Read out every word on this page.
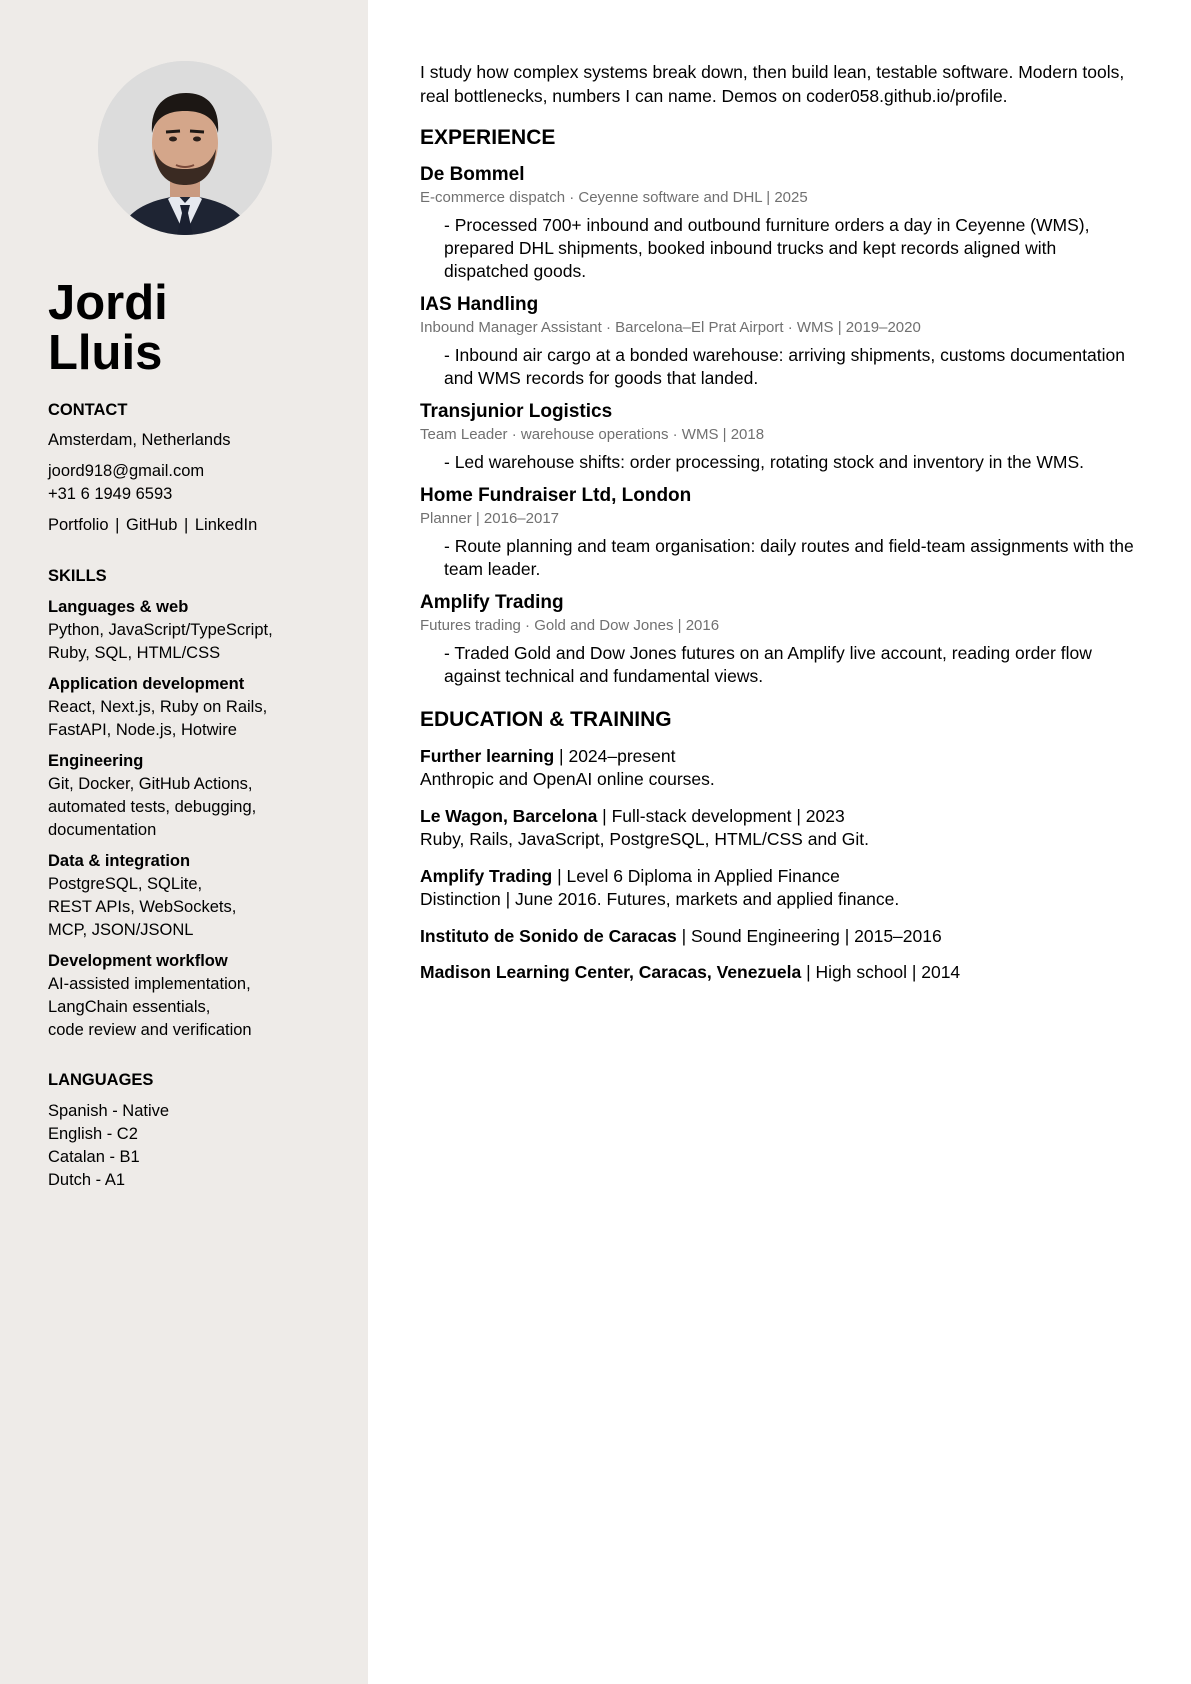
Jordi
Lluis
CONTACT
Amsterdam, Netherlands
joord918@gmail.com
+31 6 1949 6593
Portfolio | GitHub | LinkedIn
SKILLS
Languages & web
Python, JavaScript/TypeScript,
Ruby, SQL, HTML/CSS
Application development
React, Next.js, Ruby on Rails,
FastAPI, Node.js, Hotwire
Engineering
Git, Docker, GitHub Actions,
automated tests, debugging,
documentation
Data & integration
PostgreSQL, SQLite,
REST APIs, WebSockets,
MCP, JSON/JSONL
Development workflow
AI-assisted implementation,
LangChain essentials,
code review and verification
LANGUAGES
Spanish - Native
English - C2
Catalan - B1
Dutch - A1

I study how complex systems break down, then build lean, testable software. Modern tools,
real bottlenecks, numbers I can name. Demos on coder058.github.io/profile.

EXPERIENCE
De Bommel
E-commerce dispatch · Ceyenne software and DHL | 2025
- Processed 700+ inbound and outbound furniture orders a day in Ceyenne (WMS), prepared DHL shipments, booked inbound trucks and kept records aligned with dispatched goods.
IAS Handling
Inbound Manager Assistant · Barcelona–El Prat Airport · WMS | 2019–2020
- Inbound air cargo at a bonded warehouse: arriving shipments, customs documentation and WMS records for goods that landed.
Transjunior Logistics
Team Leader · warehouse operations · WMS | 2018
- Led warehouse shifts: order processing, rotating stock and inventory in the WMS.
Home Fundraiser Ltd, London
Planner | 2016–2017
- Route planning and team organisation: daily routes and field-team assignments with the team leader.
Amplify Trading
Futures trading · Gold and Dow Jones | 2016
- Traded Gold and Dow Jones futures on an Amplify live account, reading order flow against technical and fundamental views.
EDUCATION & TRAINING
Further learning | 2024–present
Anthropic and OpenAI online courses.
Le Wagon, Barcelona | Full-stack development | 2023
Ruby, Rails, JavaScript, PostgreSQL, HTML/CSS and Git.
Amplify Trading | Level 6 Diploma in Applied Finance
Distinction | June 2016. Futures, markets and applied finance.
Instituto de Sonido de Caracas | Sound Engineering | 2015–2016
Madison Learning Center, Caracas, Venezuela | High school | 2014
